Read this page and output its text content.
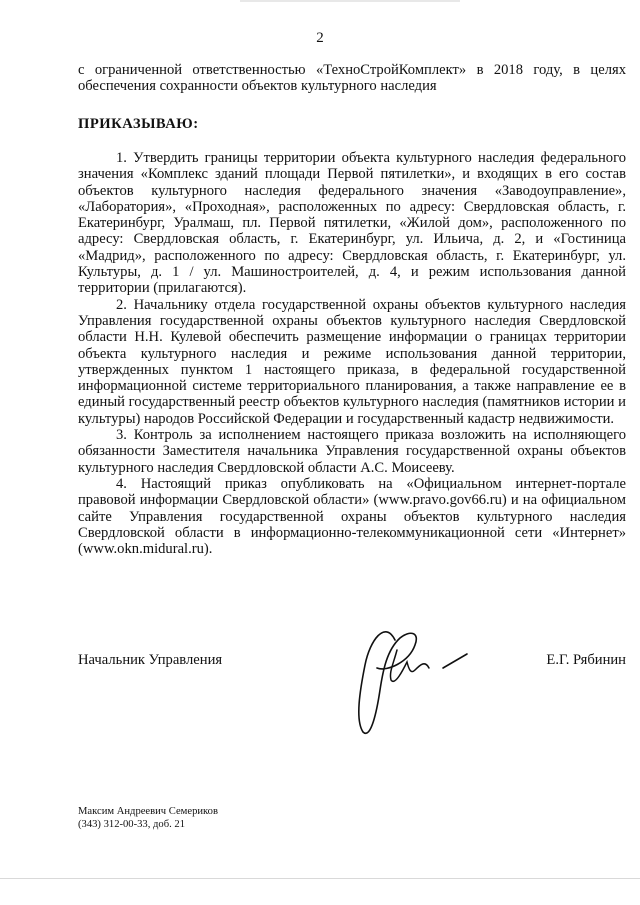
2

с ограниченной ответственностью «ТехноСтройКомплект» в 2018 году, в целях обеспечения сохранности объектов культурного наследия

ПРИКАЗЫВАЮ:

1. Утвердить границы территории объекта культурного наследия федерального значения «Комплекс зданий площади Первой пятилетки», и входящих в его состав объектов культурного наследия федерального значения «Заводоуправление», «Лаборатория», «Проходная», расположенных по адресу: Свердловская область, г. Екатеринбург, Уралмаш, пл. Первой пятилетки, «Жилой дом», расположенного по адресу: Свердловская область, г. Екатеринбург, ул. Ильича, д. 2, и «Гостиница «Мадрид», расположенного по адресу: Свердловская область, г. Екатеринбург, ул. Культуры, д. 1 / ул. Машиностроителей, д. 4, и режим использования данной территории (прилагаются).

2. Начальнику отдела государственной охраны объектов культурного наследия Управления государственной охраны объектов культурного наследия Свердловской области Н.Н. Кулевой обеспечить размещение информации о границах территории объекта культурного наследия и режиме использования данной территории, утвержденных пунктом 1 настоящего приказа, в федеральной государственной информационной системе территориального планирования, а также направление ее в единый государственный реестр объектов культурного наследия (памятников истории и культуры) народов Российской Федерации и государственный кадастр недвижимости.

3. Контроль за исполнением настоящего приказа возложить на исполняющего обязанности Заместителя начальника Управления государственной охраны объектов культурного наследия Свердловской области А.С. Моисееву.

4. Настоящий приказ опубликовать на «Официальном интернет-портале правовой информации Свердловской области» (www.pravo.gov66.ru) и на официальном сайте Управления государственной охраны объектов культурного наследия Свердловской области в информационно-телекоммуникационной сети «Интернет» (www.okn.midural.ru).

Начальник Управления	Е.Г. Рябинин
Максим Андреевич Семериков
(343) 312-00-33, доб. 21
